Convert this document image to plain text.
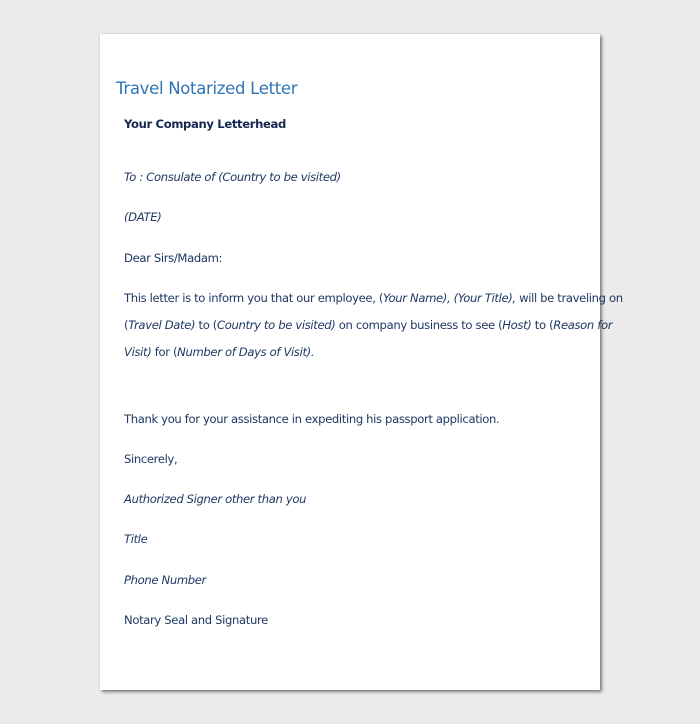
Travel Notarized Letter
Your Company Letterhead
To : Consulate of (Country to be visited)
(DATE)
Dear Sirs/Madam:
This letter is to inform you that our employee, (Your Name), (Your Title), will be traveling on
(Travel Date) to (Country to be visited) on company business to see (Host) to (Reason for
Visit) for (Number of Days of Visit).
Thank you for your assistance in expediting his passport application.
Sincerely,
Authorized Signer other than you
Title
Phone Number
Notary Seal and Signature
